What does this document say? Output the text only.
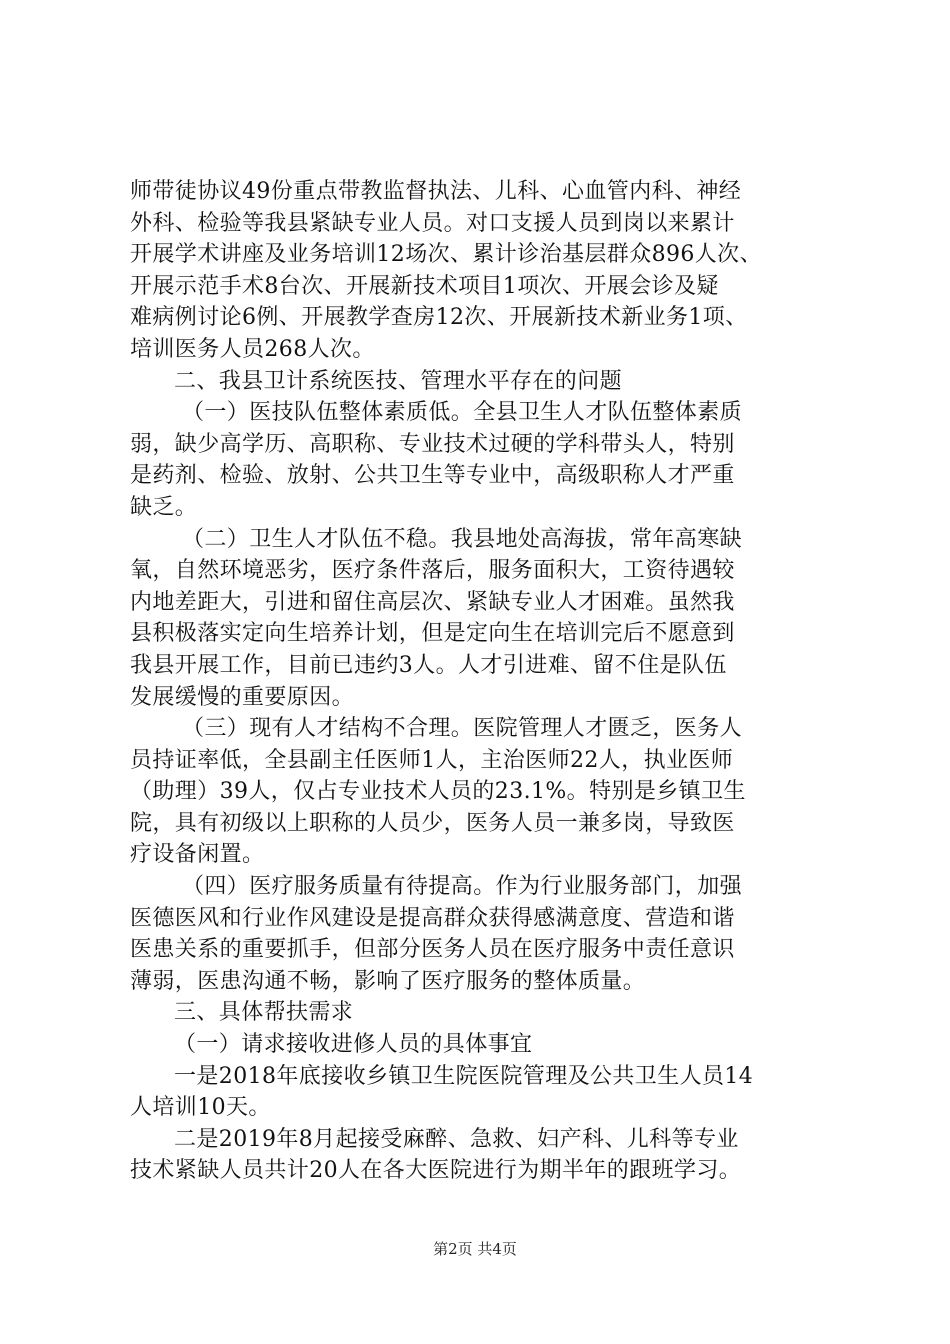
师带徒协议49份重点带教监督执法、儿科、心血管内科、神经
外科、检验等我县紧缺专业人员。对口支援人员到岗以来累计
开展学术讲座及业务培训12场次、累计诊治基层群众896人次、
开展示范手术8台次、开展新技术项目1项次、开展会诊及疑
难病例讨论6例、开展教学查房12次、开展新技术新业务1项、
培训医务人员268人次。
二、我县卫计系统医技、管理水平存在的问题
（一）医技队伍整体素质低。全县卫生人才队伍整体素质
弱，缺少高学历、高职称、专业技术过硬的学科带头人，特别
是药剂、检验、放射、公共卫生等专业中，高级职称人才严重
缺乏。
（二）卫生人才队伍不稳。我县地处高海拔，常年高寒缺
氧，自然环境恶劣，医疗条件落后，服务面积大，工资待遇较
内地差距大，引进和留住高层次、紧缺专业人才困难。虽然我
县积极落实定向生培养计划，但是定向生在培训完后不愿意到
我县开展工作，目前已违约3人。人才引进难、留不住是队伍
发展缓慢的重要原因。
（三）现有人才结构不合理。医院管理人才匮乏，医务人
员持证率低，全县副主任医师1人，主治医师22人，执业医师
（助理）39人，仅占专业技术人员的23.1%。特别是乡镇卫生
院，具有初级以上职称的人员少，医务人员一兼多岗，导致医
疗设备闲置。
（四）医疗服务质量有待提高。作为行业服务部门，加强
医德医风和行业作风建设是提高群众获得感满意度、营造和谐
医患关系的重要抓手，但部分医务人员在医疗服务中责任意识
薄弱，医患沟通不畅，影响了医疗服务的整体质量。
三、具体帮扶需求
（一）请求接收进修人员的具体事宜
一是2018年底接收乡镇卫生院医院管理及公共卫生人员14
人培训10天。
二是2019年8月起接受麻醉、急救、妇产科、儿科等专业
技术紧缺人员共计20人在各大医院进行为期半年的跟班学习。
第2页 共4页
